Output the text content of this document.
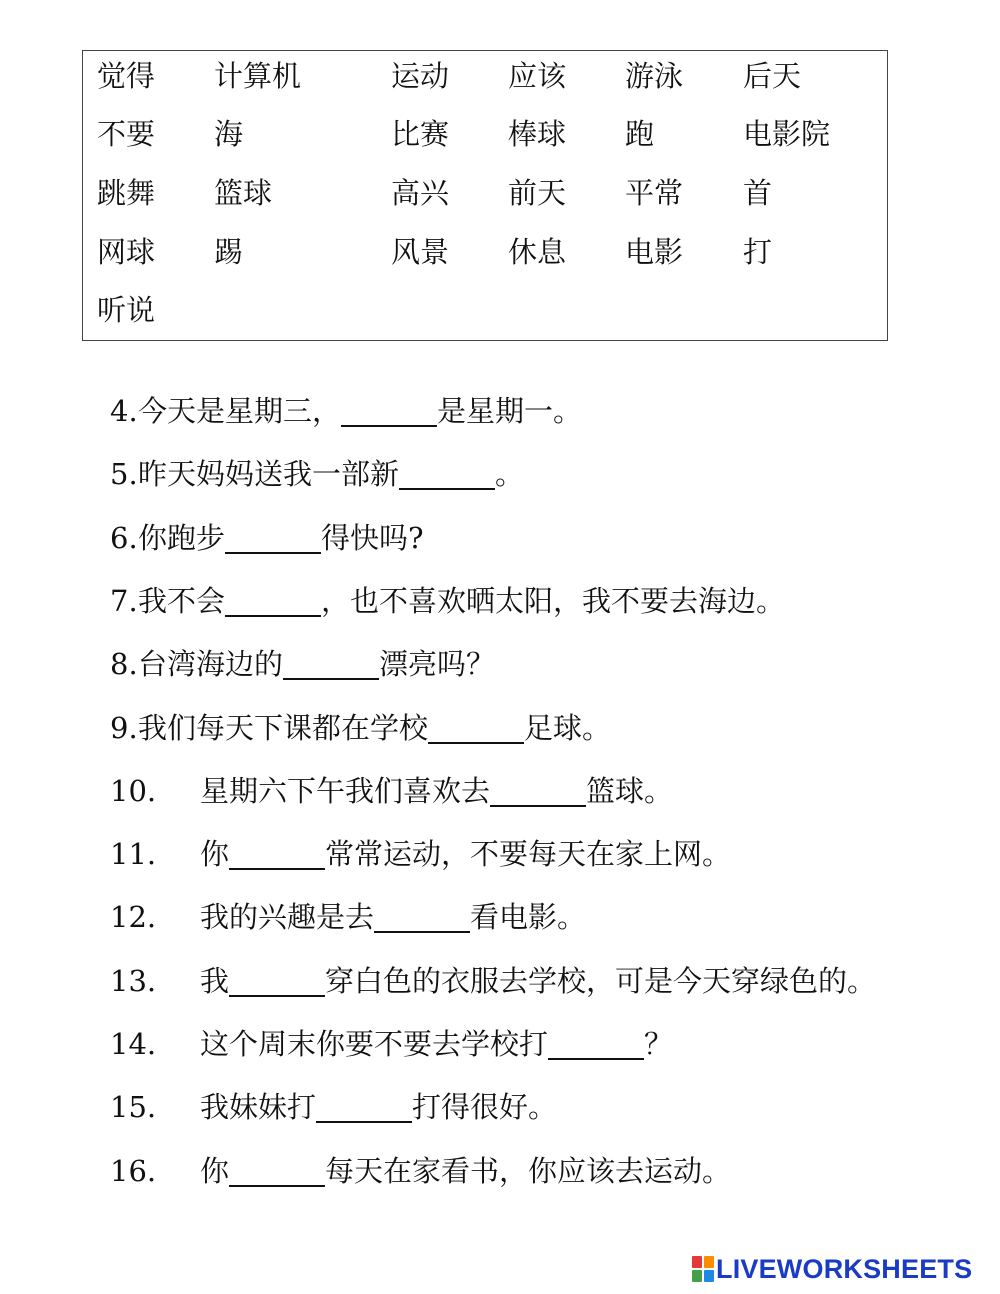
觉得 计算机	运动 应该 游泳 后天
不要 海	比赛 棒球 跑	电影院
跳舞 篮球	高兴 前天 平常 首
网球 踢	风景 休息 电影 打
听说
4. 今天是星期三，	是星期一。
5. 昨天妈妈送我一部新	。
6. 你跑步	得快吗?
7. 我不会	，也不喜欢晒太阳，我不要去海边。
8. 台湾海边的	漂亮吗？
9. 我们每天下课都在学校	足球。
10. 星期六下午我们喜欢去	篮球。
11. 你	常常运动，不要每天在家上网。
12. 我的兴趣是去	看电影。
13. 我	穿白色的衣服去学校，可是今天穿绿色的。
14. 这个周末你要不要去学校打	？
15. 我妹妹打	打得很好。
16. 你	每天在家看书，你应该去运动。
LIVEWORKSHEETS
